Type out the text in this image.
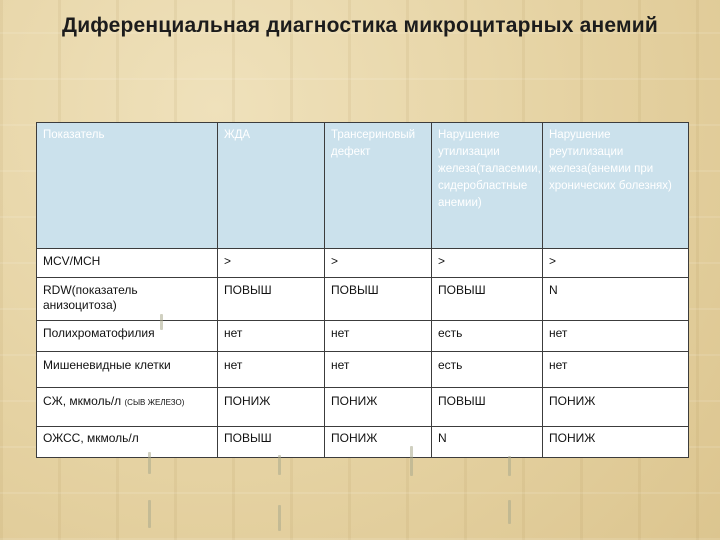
Диференциальная диагностика микроцитарных анемий
Показатель	ЖДА	Трансериновый дефект	Нарушение утилизации железа(таласемии, сидеробластные анемии)	Нарушение реутилизации железа(анемии при хронических болезнях)
MCV/MCH	>	>	>	>
RDW(показатель анизоцитоза)	ПОВЫШ	ПОВЫШ	ПОВЫШ	N
Полихроматофилия	нет	нет	есть	нет
Мишеневидные клетки	нет	нет	есть	нет
СЖ, мкмоль/л (СЫВ ЖЕЛЕЗО)	ПОНИЖ	ПОНИЖ	ПОВЫШ	ПОНИЖ
ОЖСС, мкмоль/л	ПОВЫШ	ПОНИЖ	N	ПОНИЖ
